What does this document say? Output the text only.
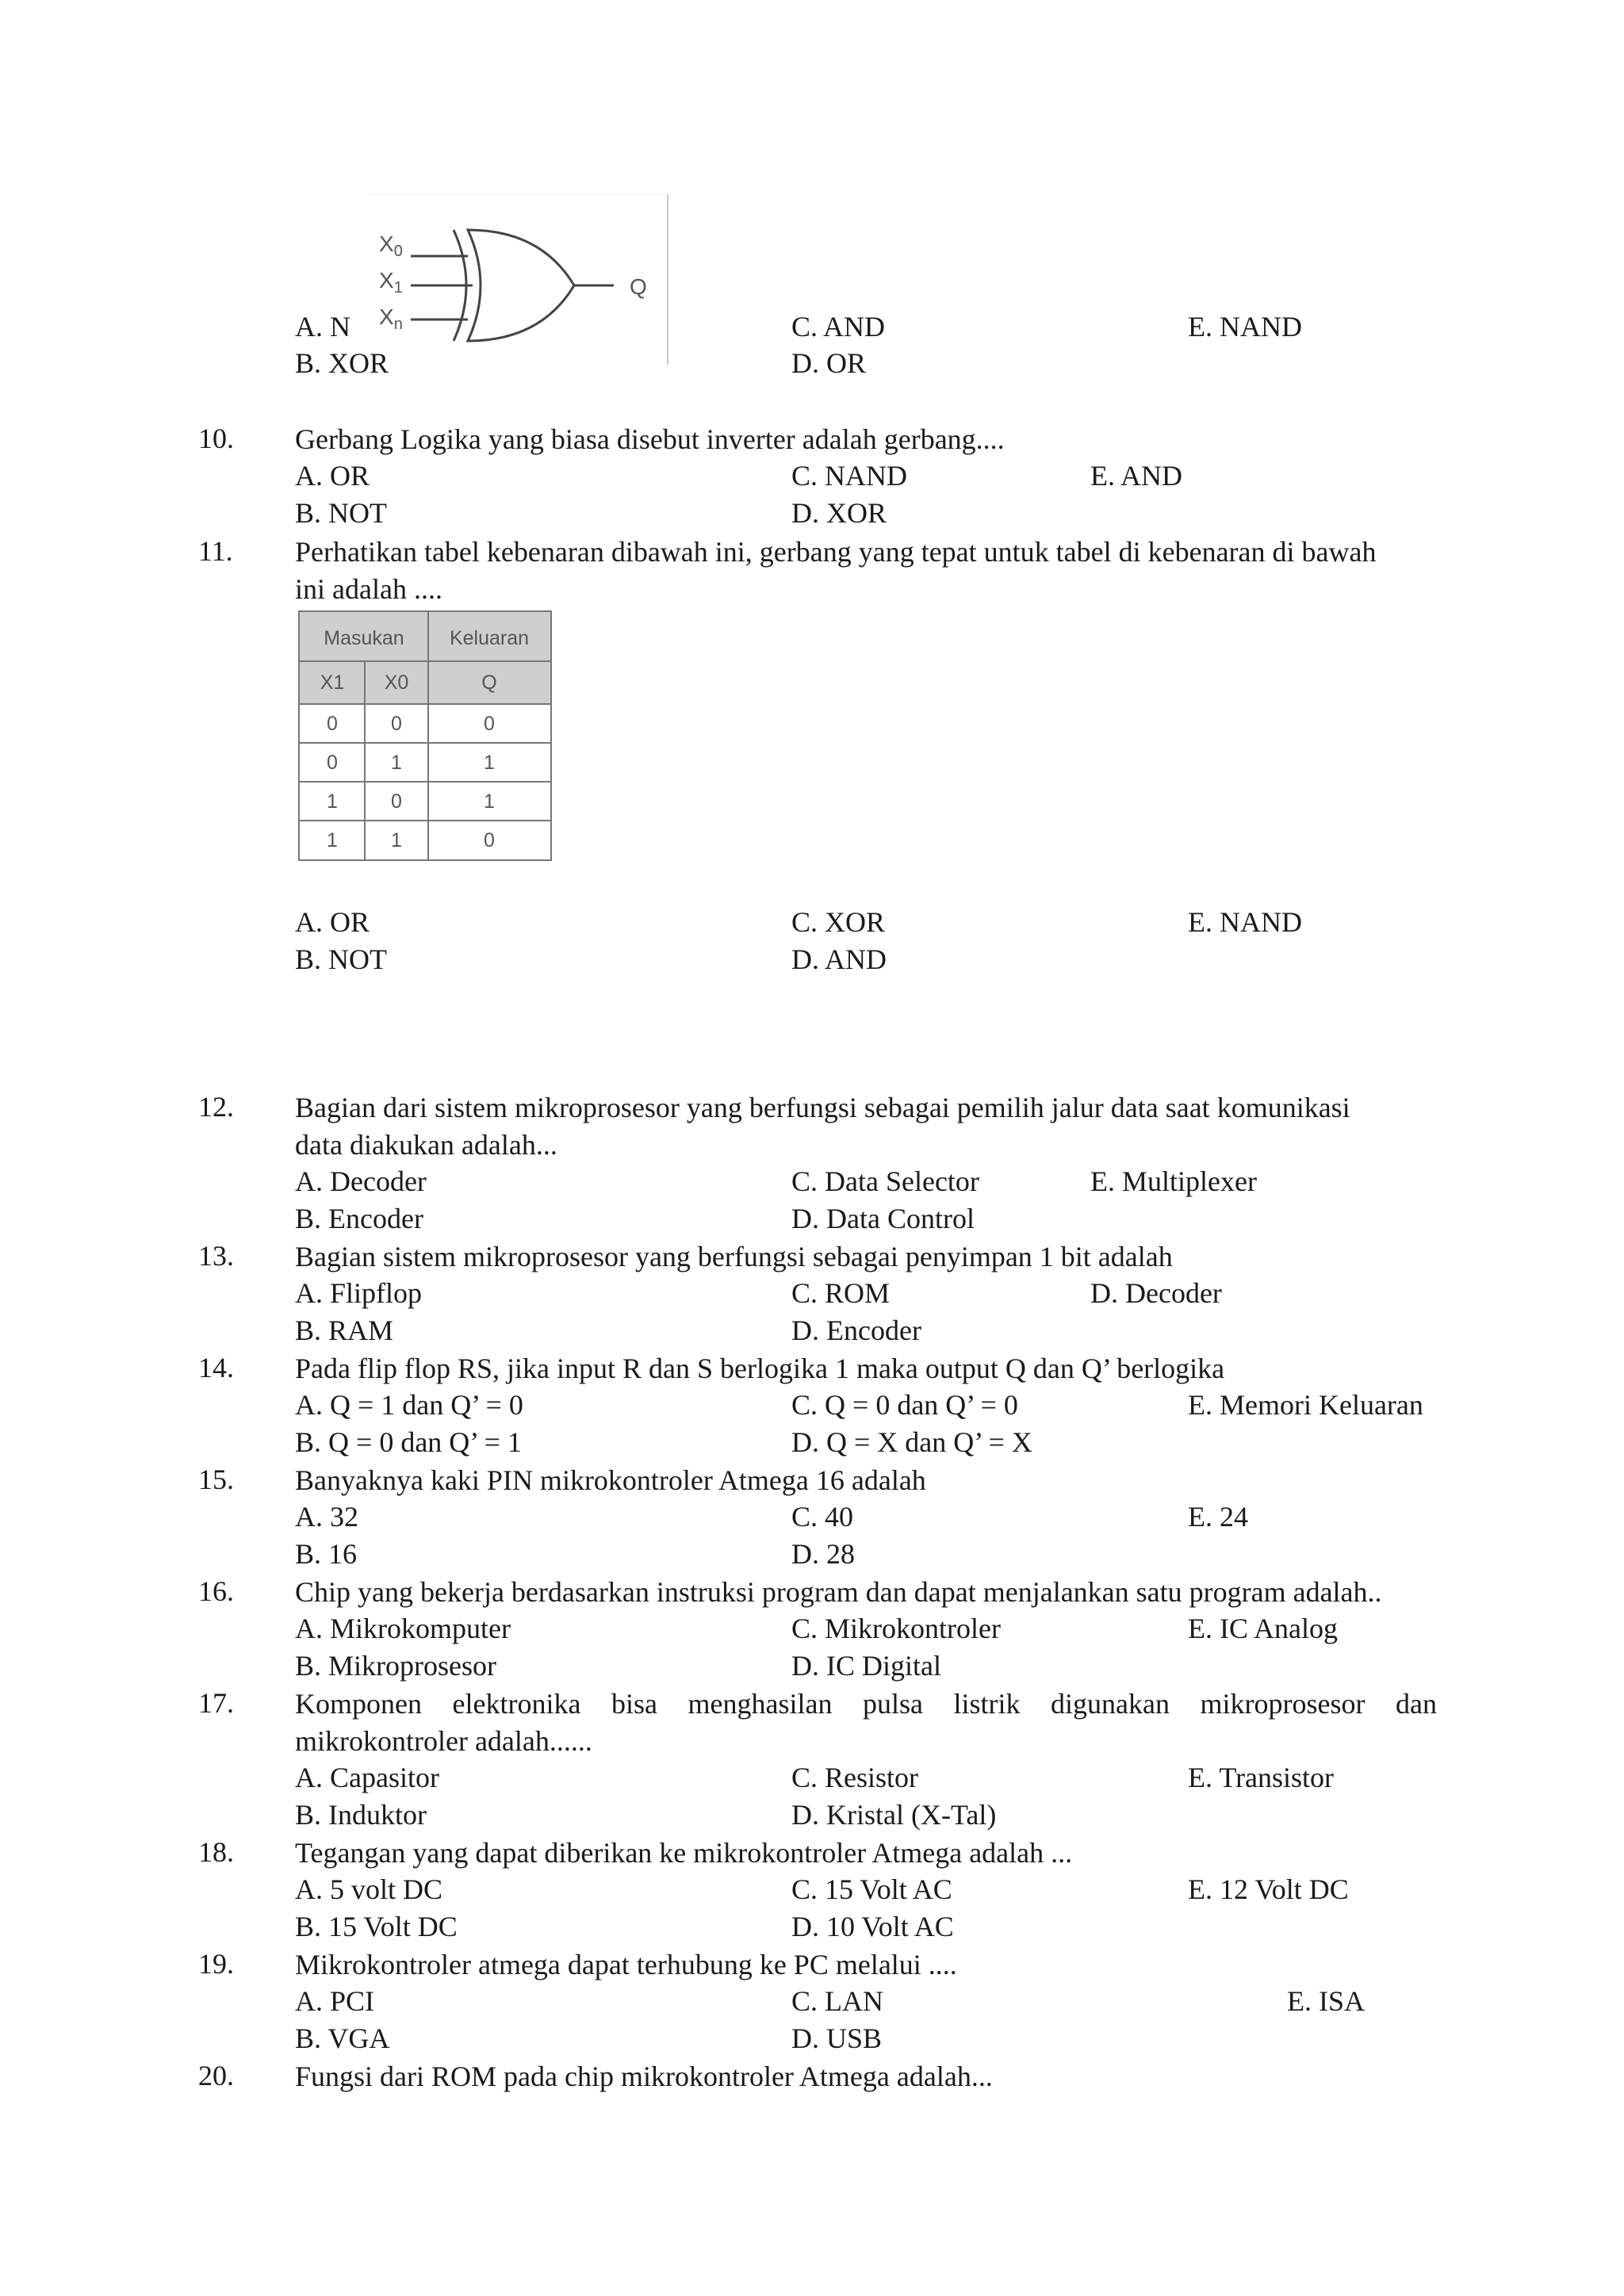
$X_0$
$X_1$
$X_n$
Q
A. N	C. AND	E. NAND
B. XOR	D. OR
10. Gerbang Logika yang biasa disebut inverter adalah gerbang....
A. OR	C. NAND	E. AND
B. NOT	D. XOR
11. Perhatikan tabel kebenaran dibawah ini, gerbang yang tepat untuk tabel di kebenaran di bawah
ini adalah ....
Masukan Keluaran
X1 X0	Q
0	0	0
0	1	1
1	0	1
1	1	0
A. OR	C. XOR	E. NAND
B. NOT	D. AND
12. Bagian dari sistem mikroprosesor yang berfungsi sebagai pemilih jalur data saat komunikasi
data diakukan adalah...
A. Decoder	C. Data Selector	E. Multiplexer
B. Encoder	D. Data Control
13. Bagian sistem mikroprosesor yang berfungsi sebagai penyimpan 1 bit adalah
A. Flipflop	C. ROM	D. Decoder
B. RAM	D. Encoder
14. Pada flip flop RS, jika input R dan S berlogika 1 maka output Q dan Q’ berlogika
A. Q = 1 dan Q’ = 0	C. Q = 0 dan Q’ = 0	E. Memori Keluaran
B. Q = 0 dan Q’ = 1	D. Q = X dan Q’ = X
15. Banyaknya kaki PIN mikrokontroler Atmega 16 adalah
A. 32	C. 40	E. 24
B. 16	D. 28
16. Chip yang bekerja berdasarkan instruksi program dan dapat menjalankan satu program adalah..
A. Mikrokomputer	C. Mikrokontroler	E. IC Analog
B. Mikroprosesor	D. IC Digital
17. Komponen elektronika bisa menghasilan pulsa listrik digunakan mikroprosesor dan
mikrokontroler adalah......
A. Capasitor	C. Resistor	E. Transistor
B. Induktor	D. Kristal (X-Tal)
18. Tegangan yang dapat diberikan ke mikrokontroler Atmega adalah ...
A. 5 volt DC	C. 15 Volt AC	E. 12 Volt DC
B. 15 Volt DC	D. 10 Volt AC
19. Mikrokontroler atmega dapat terhubung ke PC melalui ....
A. PCI	C. LAN	E. ISA
B. VGA	D. USB
20. Fungsi dari ROM pada chip mikrokontroler Atmega adalah...
